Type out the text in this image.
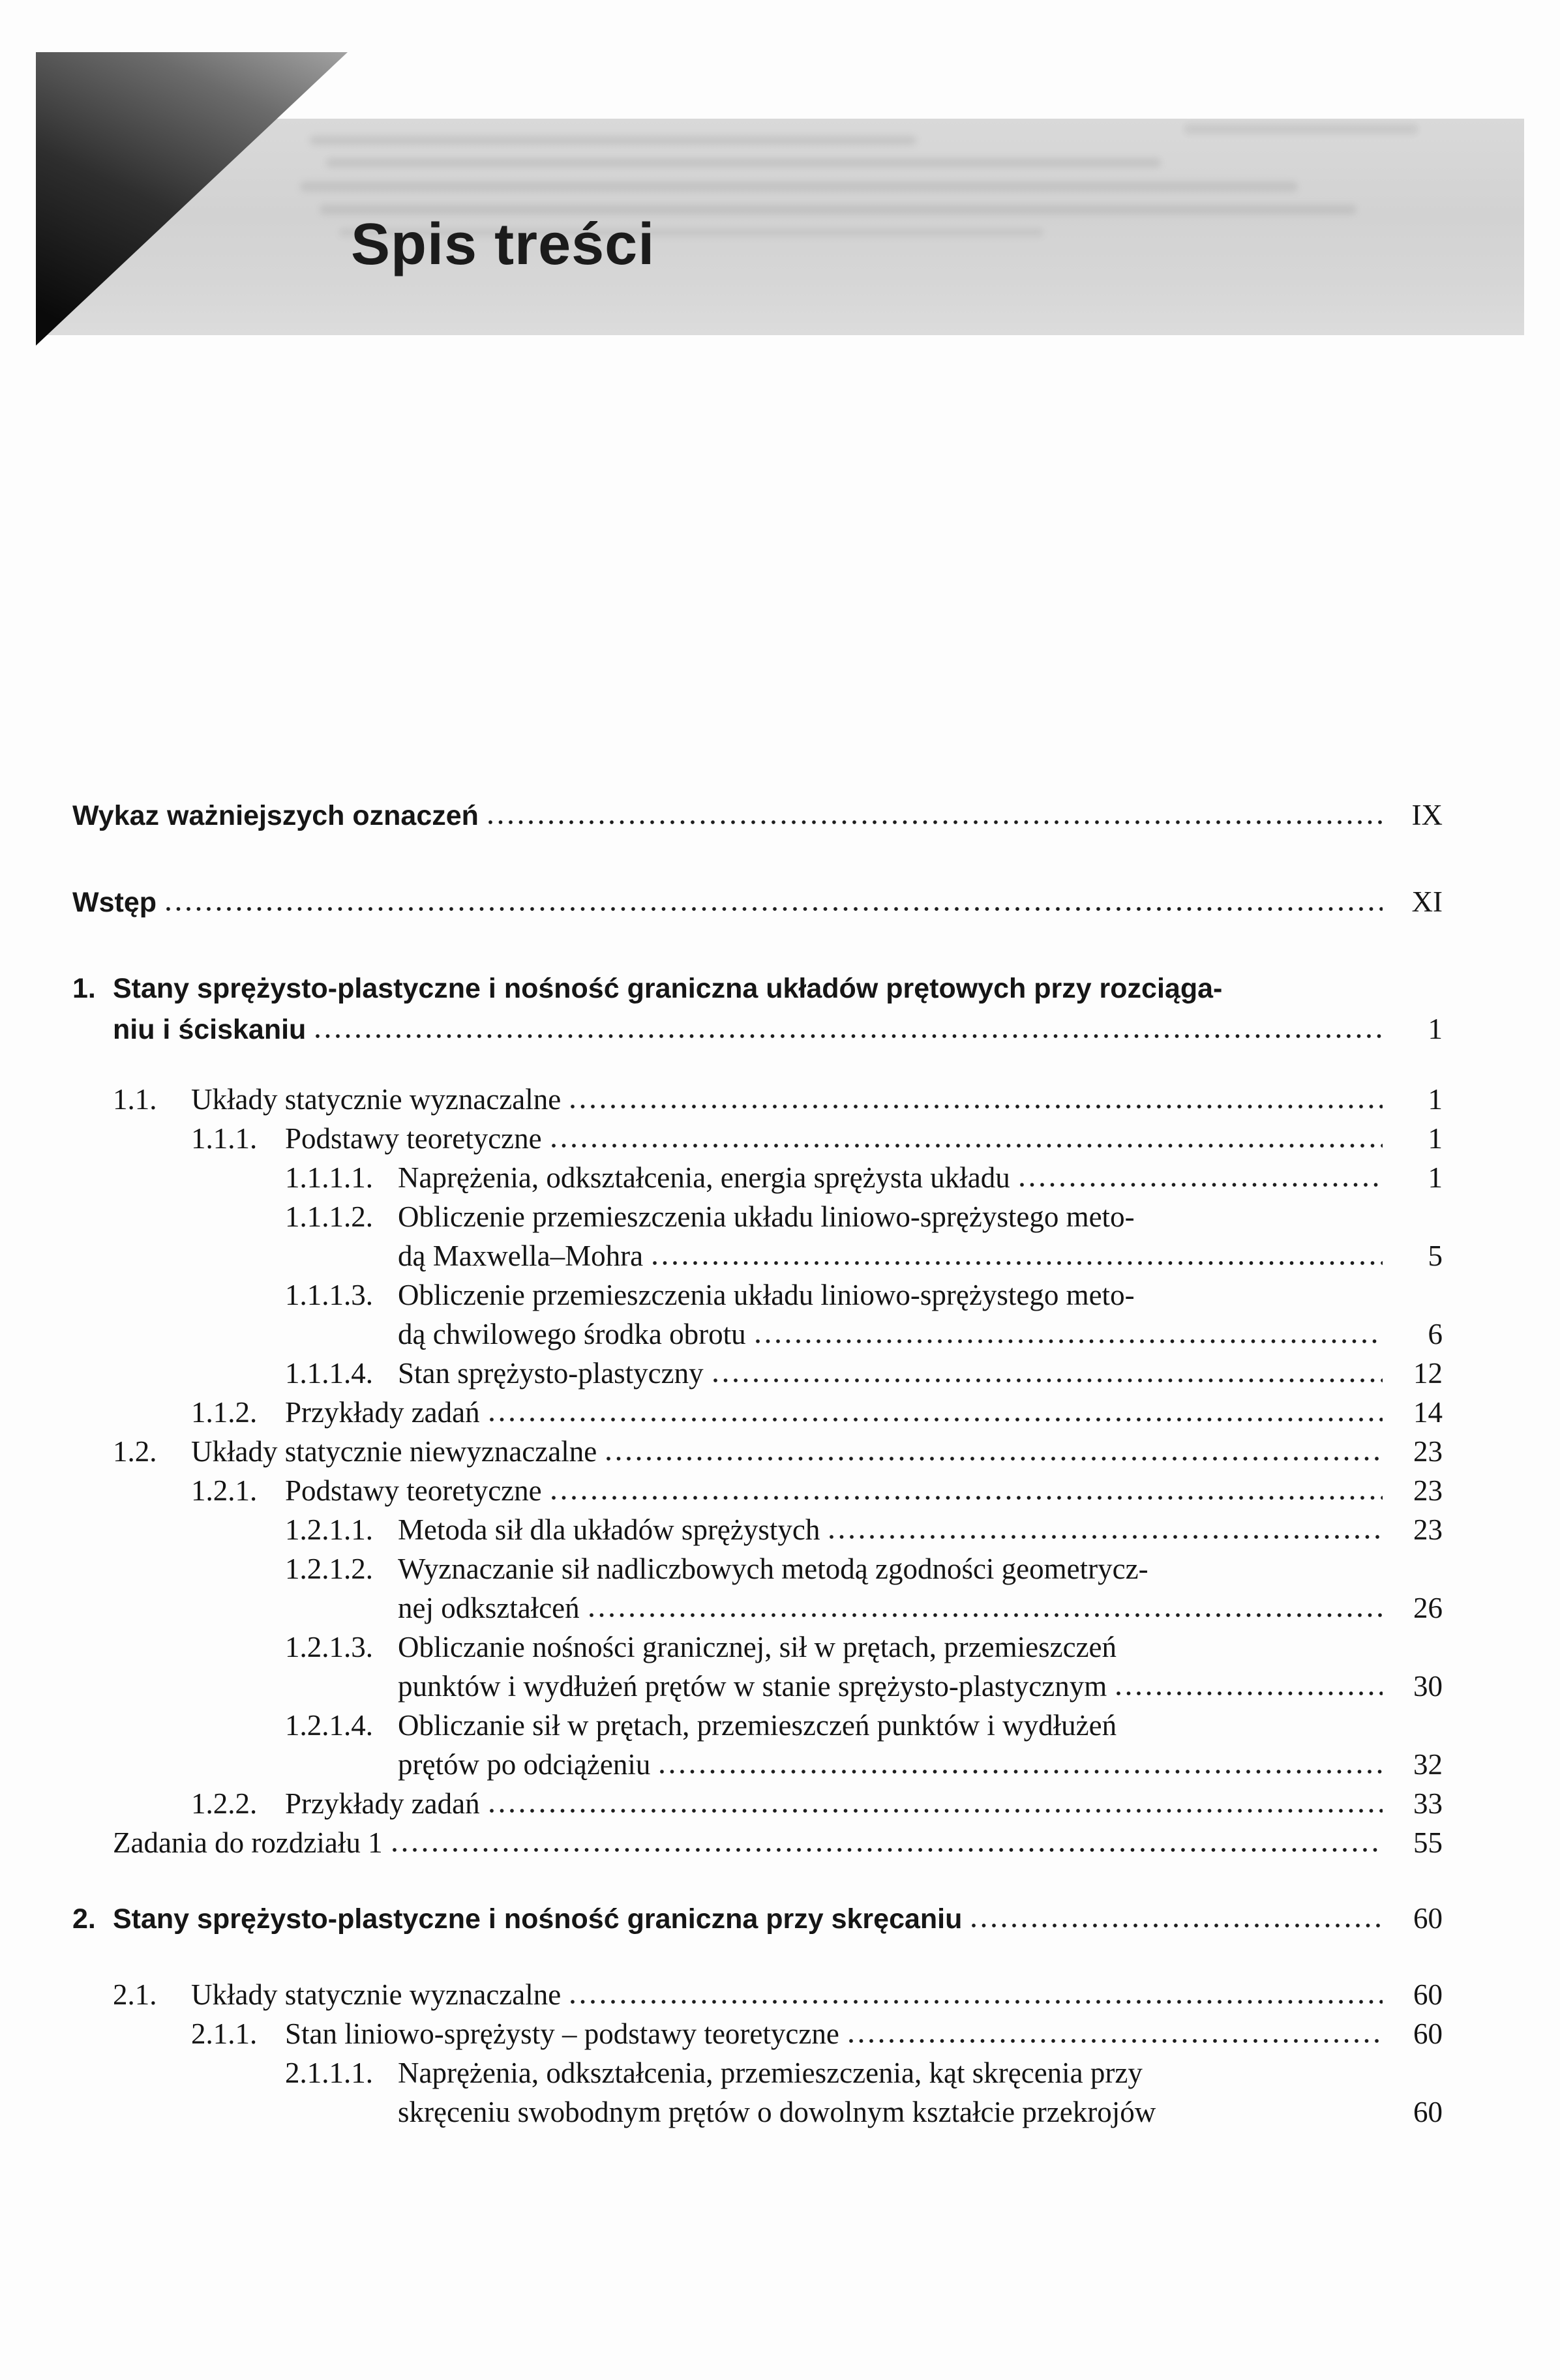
Spis treści
Wykaz ważniejszych oznaczeń	IX
Wstęp	XI
1. Stany sprężysto-plastyczne i nośność graniczna układów prętowych przy rozciąga-
niu i ściskaniu	1
1.1.	Układy statycznie wyznaczalne	1
1.1.1. Podstawy teoretyczne	1
1.1.1.1. Naprężenia, odkształcenia, energia sprężysta układu	1
1.1.1.2. Obliczenie przemieszczenia układu liniowo-sprężystego meto-
dą Maxwella–Mohra	5
1.1.1.3. Obliczenie przemieszczenia układu liniowo-sprężystego meto-
dą chwilowego środka obrotu	6
1.1.1.4. Stan sprężysto-plastyczny	12
1.1.2. Przykłady zadań	14
1.2.	Układy statycznie niewyznaczalne	23
1.2.1. Podstawy teoretyczne	23
1.2.1.1. Metoda sił dla układów sprężystych	23
1.2.1.2. Wyznaczanie sił nadliczbowych metodą zgodności geometrycz-
nej odkształceń	26
1.2.1.3. Obliczanie nośności granicznej, sił w prętach, przemieszczeń
punktów i wydłużeń prętów w stanie sprężysto-plastycznym	30
1.2.1.4. Obliczanie sił w prętach, przemieszczeń punktów i wydłużeń
prętów po odciążeniu	32
1.2.2. Przykłady zadań	33
Zadania do rozdziału 1	55
2. Stany sprężysto-plastyczne i nośność graniczna przy skręcaniu	60
2.1.	Układy statycznie wyznaczalne	60
2.1.1. Stan liniowo-sprężysty – podstawy teoretyczne	60
2.1.1.1. Naprężenia, odkształcenia, przemieszczenia, kąt skręcenia przy
skręceniu swobodnym prętów o dowolnym kształcie przekrojów	60
